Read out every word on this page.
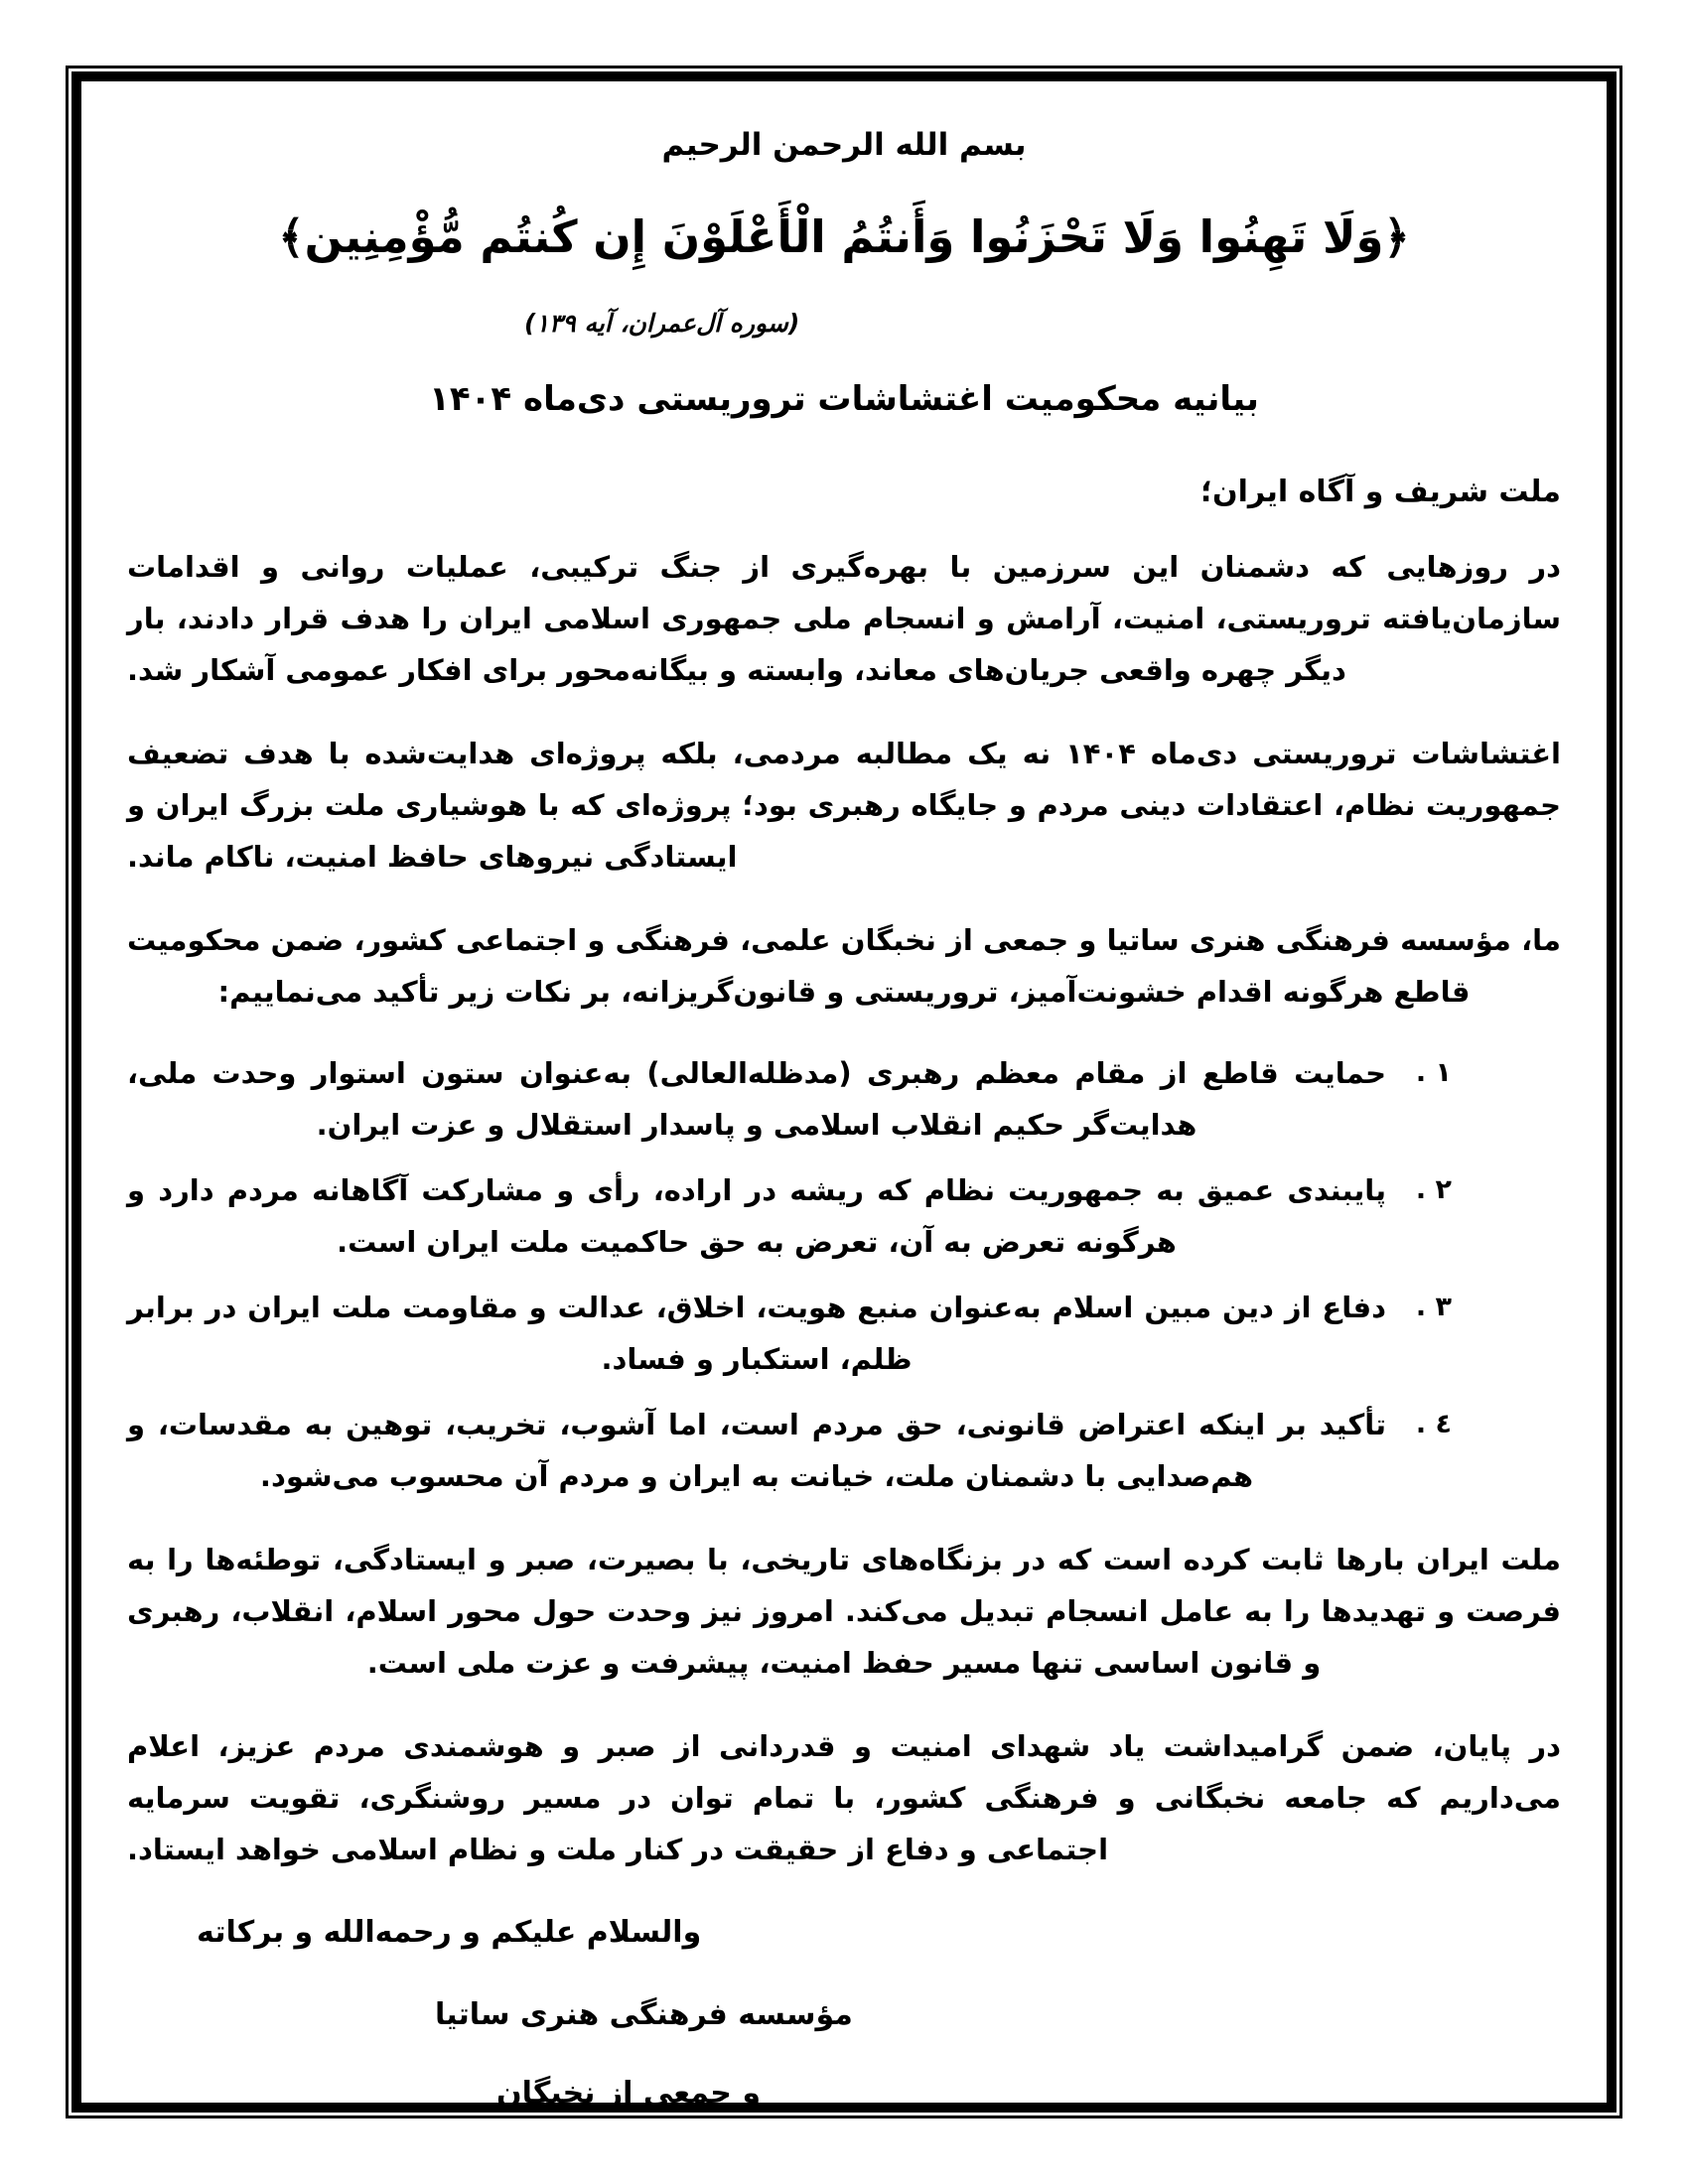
بسم الله الرحمن الرحیم

﴿وَلَا تَهِنُوا وَلَا تَحْزَنُوا وَأَنتُمُ الْأَعْلَوْنَ إِن كُنتُم مُّؤْمِنِين﴾

(سوره آل‌عمران، آیه ۱۳۹)

بیانیه محکومیت اغتشاشات تروریستی دی‌ماه ۱۴۰۴

ملت شریف و آگاه ایران؛

در روزهایی که دشمنان این سرزمین با بهره‌گیری از جنگ ترکیبی، عملیات روانی و اقدامات سازمان‌یافته تروریستی، امنیت، آرامش و انسجام ملی جمهوری اسلامی ایران را هدف قرار دادند، بار دیگر چهره واقعی جریان‌های معاند، وابسته و بیگانه‌محور برای افکار عمومی آشکار شد.

اغتشاشات تروریستی دی‌ماه ۱۴۰۴ نه یک مطالبه مردمی، بلکه پروژه‌ای هدایت‌شده با هدف تضعیف جمهوریت نظام، اعتقادات دینی مردم و جایگاه رهبری بود؛ پروژه‌ای که با هوشیاری ملت بزرگ ایران و ایستادگی نیروهای حافظ امنیت، ناکام ماند.

ما، مؤسسه فرهنگی هنری ساتیا و جمعی از نخبگان علمی، فرهنگی و اجتماعی کشور، ضمن محکومیت قاطع هرگونه اقدام خشونت‌آمیز، تروریستی و قانون‌گریزانه، بر نکات زیر تأکید می‌نماییم:

۱ .
حمایت قاطع از مقام معظم رهبری (مدظله‌العالی) به‌عنوان ستون استوار وحدت ملی، هدایت‌گر حکیم انقلاب اسلامی و پاسدار استقلال و عزت ایران.
۲ .
پایبندی عمیق به جمهوریت نظام که ریشه در اراده، رأی و مشارکت آگاهانه مردم دارد و هرگونه تعرض به آن، تعرض به حق حاکمیت ملت ایران است.
۳ .
دفاع از دین مبین اسلام به‌عنوان منبع هویت، اخلاق، عدالت و مقاومت ملت ایران در برابر ظلم، استکبار و فساد.
٤ .
تأکید بر اینکه اعتراض قانونی، حق مردم است، اما آشوب، تخریب، توهین به مقدسات، و هم‌صدایی با دشمنان ملت، خیانت به ایران و مردم آن محسوب می‌شود.

ملت ایران بارها ثابت کرده است که در بزنگاه‌های تاریخی، با بصیرت، صبر و ایستادگی، توطئه‌ها را به فرصت و تهدیدها را به عامل انسجام تبدیل می‌کند. امروز نیز وحدت حول محور اسلام، انقلاب، رهبری و قانون اساسی تنها مسیر حفظ امنیت، پیشرفت و عزت ملی است.

در پایان، ضمن گرامیداشت یاد شهدای امنیت و قدردانی از صبر و هوشمندی مردم عزیز، اعلام می‌داریم که جامعه نخبگانی و فرهنگی کشور، با تمام توان در مسیر روشنگری، تقویت سرمایه اجتماعی و دفاع از حقیقت در کنار ملت و نظام اسلامی خواهد ایستاد.

والسلام علیکم و رحمه‌الله و برکاته

مؤسسه فرهنگی هنری ساتیا

و جمعی از نخبگان
